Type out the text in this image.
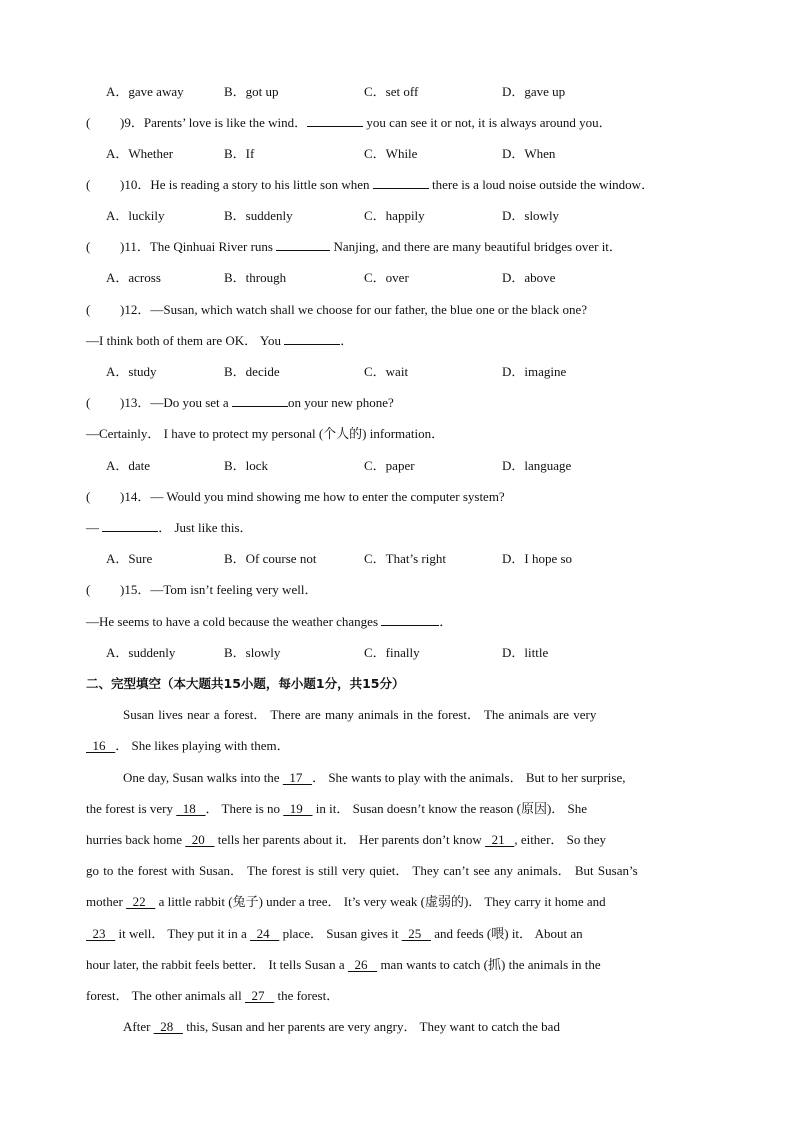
A．gave away	B．got up	C．set off	D．gave up
( )9．Parents’ love is like the wind．	you can see it or not, it is always around you．
A．Whether	B．If	C．While	D．When
( )10．He is reading a story to his little son when	there is a loud noise outside the window．
A．luckily	B．suddenly	C．happily	D．slowly
( )11．The Qinhuai River runs	Nanjing, and there are many beautiful bridges over it．
A．across	B．through	C．over	D．above
( )12．—Susan, which watch shall we choose for our father, the blue one or the black one?
—I think both of them are OK． You	．
A．study	B．decide	C．wait	D．imagine
( )13．—Do you set a	on your new phone?
—Certainly． I have to protect my personal (个人的) information．
A．date	B．lock	C．paper	D．language
( )14．— Would you mind showing me how to enter the computer system?
—	． Just like this．
A．Sure	B．Of course not	C．That’s right	D．I hope so
( )15．—Tom isn’t feeling very well．
—He seems to have a cold because the weather changes	．
A．suddenly	B．slowly	C．finally	D．little
二、完型填空（本大题共15小题，每小题1分，共15分）
Susan lives near a forest． There are many animals in the forest． The animals are very
16   ． She likes playing with them．
One day, Susan walks into the   17   ． She wants to play with the animals． But to her surprise,
the forest is very   18   ． There is no   19    in it． Susan doesn’t know the reason (原因)． She
hurries back home   20    tells her parents about it． Her parents don’t know   21   , either． So they
go to the forest with Susan． The forest is still very quiet． They can’t see any animals． But Susan’s
mother   22    a little rabbit (兔子) under a tree． It’s very weak (虚弱的)． They carry it home and
23    it well． They put it in a   24    place． Susan gives it   25    and feeds (喂) it． About an
hour later, the rabbit feels better． It tells Susan a   26    man wants to catch (抓) the animals in the
forest． The other animals all   27    the forest．
After   28    this, Susan and her parents are very angry． They want to catch the bad
